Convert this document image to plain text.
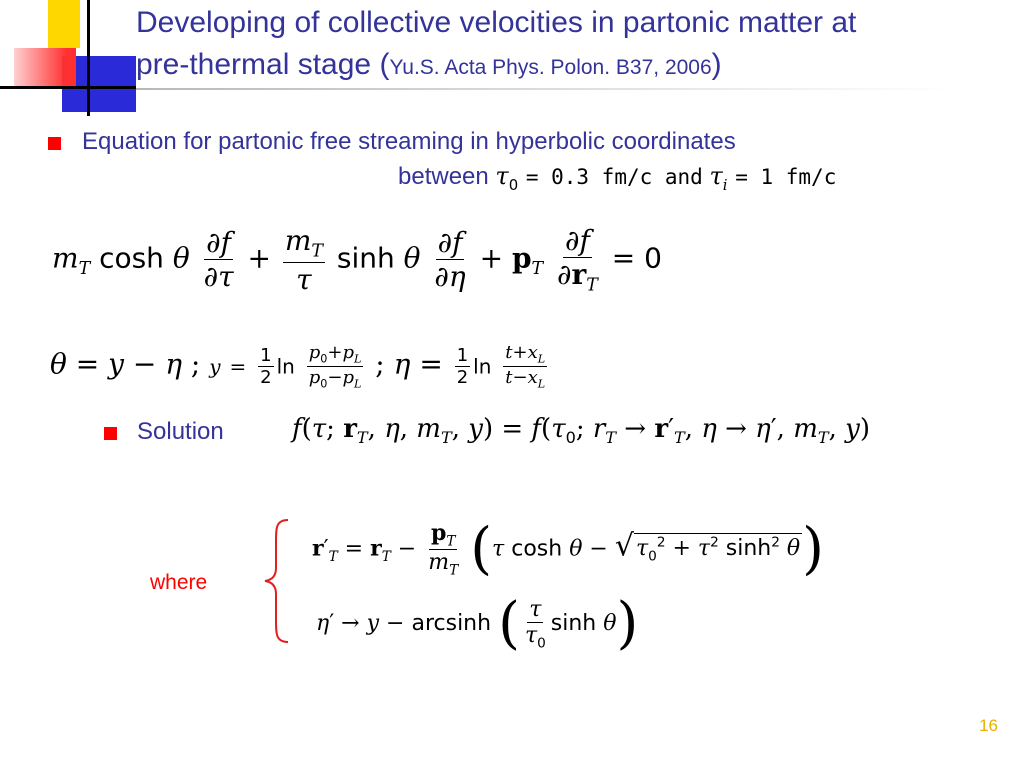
Developing of collective velocities in partonic matter at
pre-thermal stage (Yu.S. Acta Phys. Polon. B37, 2006)
Equation for partonic free streaming in hyperbolic coordinates
between $\tau_0 = 0.3$ fm/c and $\tau_i = 1$ fm/c
$m_T$ cosh θ $\frac{\partial f}{\partial\tau} + \frac{m_T}{\tau}$ sinh θ $\frac{\partial f}{\partial\eta} + p_T \frac{\partial f}{\partial r_T} = 0$
θ = y − η ; $y = \frac{1}{2}$ $\ln \frac{p_0+p_L}{p_0-p_L}$ ; $\eta = \frac{1}{2}$ $\ln \frac{t+x_L}{t-x_L}$
Solution	f(τ; $r_T$, η, $m_T$, $y) = f(\tau_0$; $r_T \to r'_T$, η → η′, $m_T$, y)
where
$r'_T = r_T - \frac{p_T}{m_T} (\tau$ $\cosh \theta - √\tau_0^2 + \tau^2$ $\sinh^2 \theta$)
η′ → y − arcsinh ( $\frac{\tau}{\tau_0}$ sinh θ)
16
